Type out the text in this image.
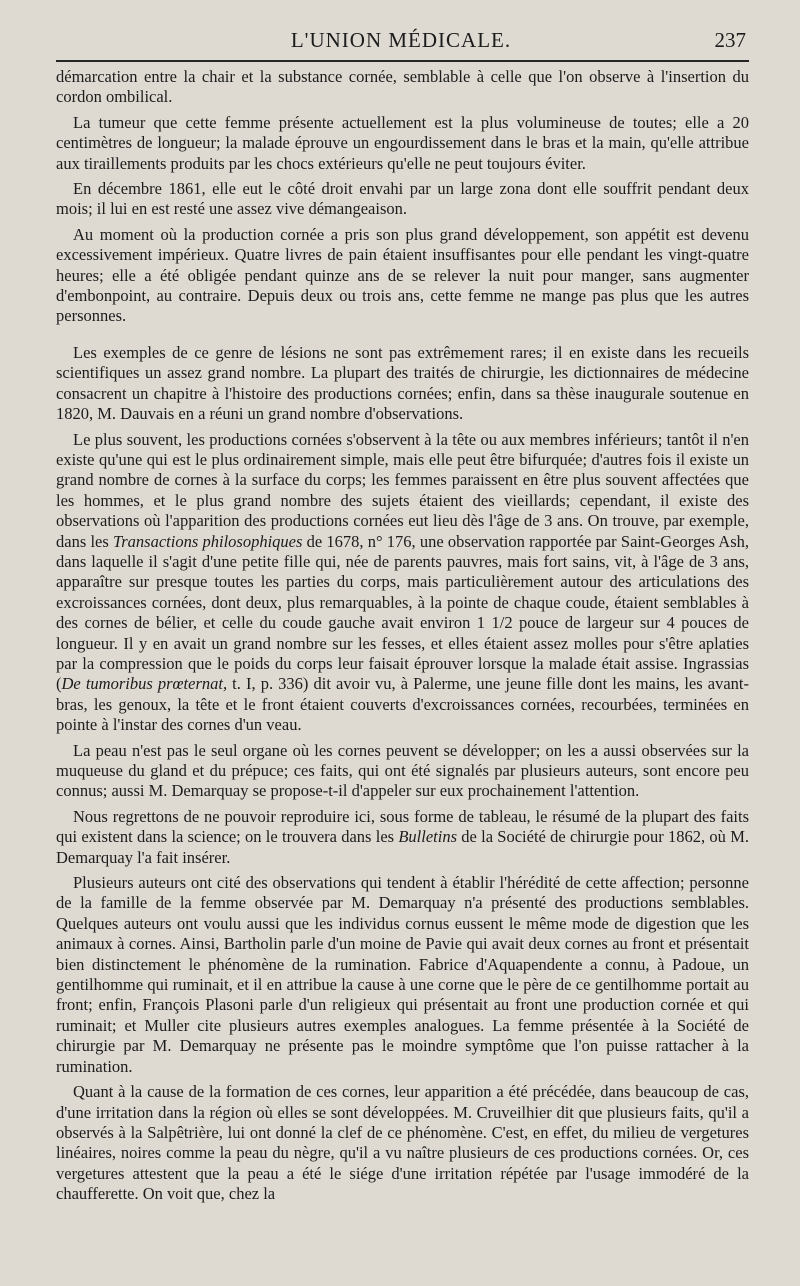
L'UNION MÉDICALE.	237

démarcation entre la chair et la substance cornée, semblable à celle que l'on observe à l'insertion du cordon ombilical.

La tumeur que cette femme présente actuellement est la plus volumineuse de toutes; elle a 20 centimètres de longueur; la malade éprouve un engourdissement dans le bras et la main, qu'elle attribue aux tiraillements produits par les chocs extérieurs qu'elle ne peut toujours éviter.

En décembre 1861, elle eut le côté droit envahi par un large zona dont elle souffrit pendant deux mois; il lui en est resté une assez vive démangeaison.

Au moment où la production cornée a pris son plus grand développement, son appétit est devenu excessivement impérieux. Quatre livres de pain étaient insuffisantes pour elle pendant les vingt-quatre heures; elle a été obligée pendant quinze ans de se relever la nuit pour manger, sans augmenter d'embonpoint, au contraire. Depuis deux ou trois ans, cette femme ne mange pas plus que les autres personnes.

Les exemples de ce genre de lésions ne sont pas extrêmement rares; il en existe dans les recueils scientifiques un assez grand nombre. La plupart des traités de chirurgie, les dictionnaires de médecine consacrent un chapitre à l'histoire des productions cornées; enfin, dans sa thèse inaugurale soutenue en 1820, M. Dauvais en a réuni un grand nombre d'observations.

Le plus souvent, les productions cornées s'observent à la tête ou aux membres inférieurs; tantôt il n'en existe qu'une qui est le plus ordinairement simple, mais elle peut être bifurquée; d'autres fois il existe un grand nombre de cornes à la surface du corps; les femmes paraissent en être plus souvent affectées que les hommes, et le plus grand nombre des sujets étaient des vieillards; cependant, il existe des observations où l'apparition des productions cornées eut lieu dès l'âge de 3 ans. On trouve, par exemple, dans les Transactions philosophiques de 1678, n° 176, une observation rapportée par Saint-Georges Ash, dans laquelle il s'agit d'une petite fille qui, née de parents pauvres, mais fort sains, vit, à l'âge de 3 ans, apparaître sur presque toutes les parties du corps, mais particulièrement autour des articulations des excroissances cornées, dont deux, plus remarquables, à la pointe de chaque coude, étaient semblables à des cornes de bélier, et celle du coude gauche avait environ 1 1/2 pouce de largeur sur 4 pouces de longueur. Il y en avait un grand nombre sur les fesses, et elles étaient assez molles pour s'être aplaties par la compression que le poids du corps leur faisait éprouver lorsque la malade était assise. Ingrassias (De tumoribus prœternat, t. I, p. 336) dit avoir vu, à Palerme, une jeune fille dont les mains, les avant-bras, les genoux, la tête et le front étaient couverts d'excroissances cornées, recourbées, terminées en pointe à l'instar des cornes d'un veau.

La peau n'est pas le seul organe où les cornes peuvent se développer; on les a aussi observées sur la muqueuse du gland et du prépuce; ces faits, qui ont été signalés par plusieurs auteurs, sont encore peu connus; aussi M. Demarquay se propose-t-il d'appeler sur eux prochainement l'attention.

Nous regrettons de ne pouvoir reproduire ici, sous forme de tableau, le résumé de la plupart des faits qui existent dans la science; on le trouvera dans les Bulletins de la Société de chirurgie pour 1862, où M. Demarquay l'a fait insérer.

Plusieurs auteurs ont cité des observations qui tendent à établir l'hérédité de cette affection; personne de la famille de la femme observée par M. Demarquay n'a présenté des productions semblables. Quelques auteurs ont voulu aussi que les individus cornus eussent le même mode de digestion que les animaux à cornes. Ainsi, Bartholin parle d'un moine de Pavie qui avait deux cornes au front et présentait bien distinctement le phénomène de la rumination. Fabrice d'Aquapendente a connu, à Padoue, un gentilhomme qui ruminait, et il en attribue la cause à une corne que le père de ce gentilhomme portait au front; enfin, François Plasoni parle d'un religieux qui présentait au front une production cornée et qui ruminait; et Muller cite plusieurs autres exemples analogues. La femme présentée à la Société de chirurgie par M. Demarquay ne présente pas le moindre symptôme que l'on puisse rattacher à la rumination.

Quant à la cause de la formation de ces cornes, leur apparition a été précédée, dans beaucoup de cas, d'une irritation dans la région où elles se sont développées. M. Cruveilhier dit que plusieurs faits, qu'il a observés à la Salpêtrière, lui ont donné la clef de ce phénomène. C'est, en effet, du milieu de vergetures linéaires, noires comme la peau du nègre, qu'il a vu naître plusieurs de ces productions cornées. Or, ces vergetures attestent que la peau a été le siége d'une irritation répétée par l'usage immodéré de la chaufferette. On voit que, chez la
